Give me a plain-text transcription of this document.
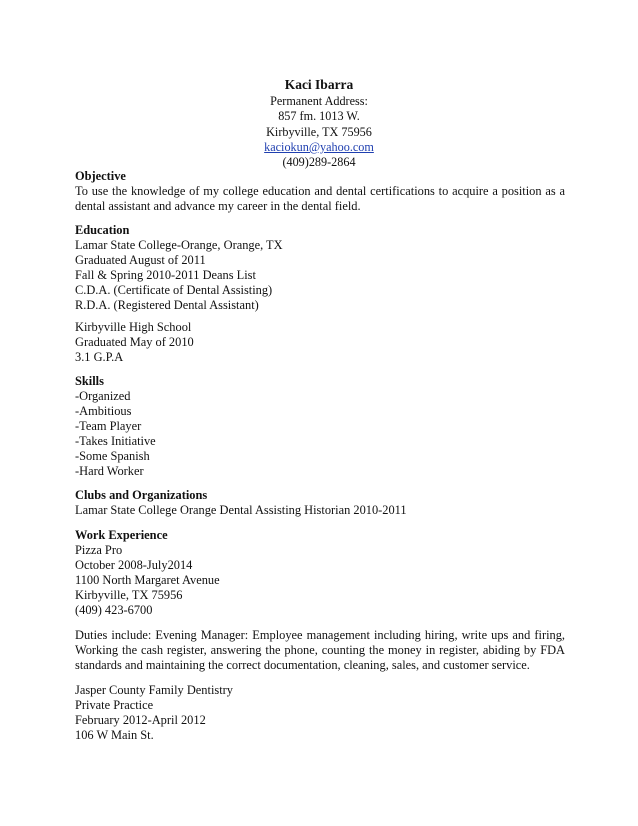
Kaci Ibarra
Permanent Address:
857 fm. 1013 W.
Kirbyville, TX 75956
kaciokun@yahoo.com
(409)289-2864
Objective
To use the knowledge of my college education and dental certifications to acquire a position as a dental assistant and advance my career in the dental field.
Education
Lamar State College-Orange, Orange, TX
Graduated August of 2011
Fall & Spring 2010-2011 Deans List
C.D.A. (Certificate of Dental Assisting)
R.D.A. (Registered Dental Assistant)
Kirbyville High School
Graduated May of 2010
3.1 G.P.A
Skills
-Organized
-Ambitious
-Team Player
-Takes Initiative
-Some Spanish
-Hard Worker
Clubs and Organizations
Lamar State College Orange Dental Assisting Historian 2010-2011
Work Experience
Pizza Pro
October 2008-July2014
1100 North Margaret Avenue
Kirbyville, TX 75956
(409) 423-6700
Duties include: Evening Manager: Employee management including hiring, write ups and firing, Working the cash register, answering the phone, counting the money in register, abiding by FDA standards and maintaining the correct documentation, cleaning, sales, and customer service.
Jasper County Family Dentistry
Private Practice
February 2012-April 2012
106 W Main St.
